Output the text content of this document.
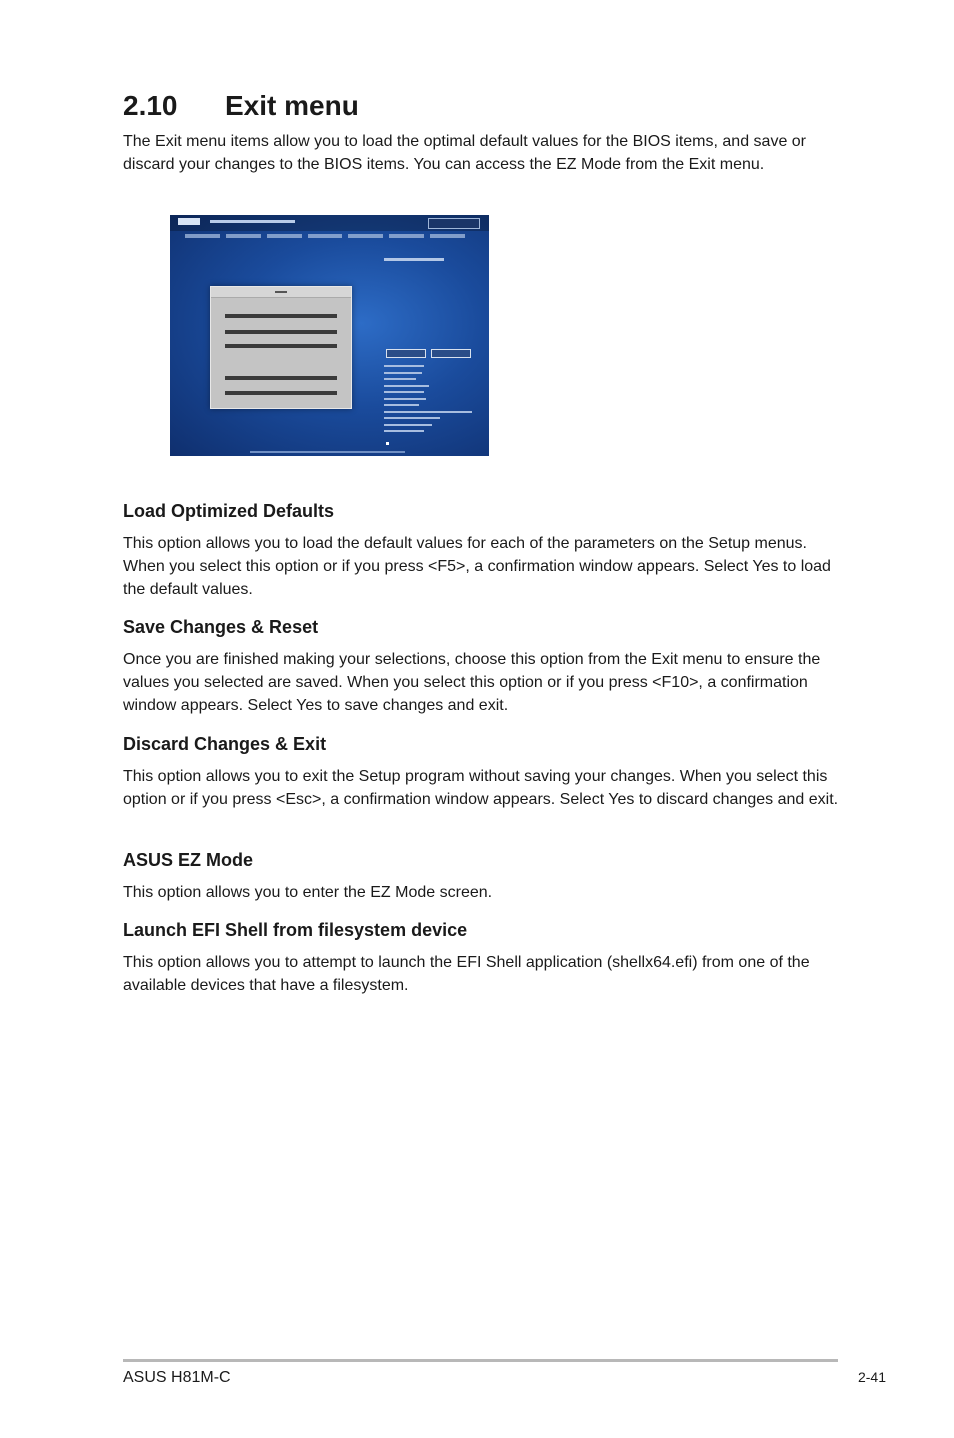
2.10 Exit menu

The Exit menu items allow you to load the optimal default values for the BIOS items, and save or discard your changes to the BIOS items. You can access the EZ Mode from the Exit menu.

Load Optimized Defaults

This option allows you to load the default values for each of the parameters on the Setup menus. When you select this option or if you press <F5>, a confirmation window appears. Select Yes to load the default values.

Save Changes & Reset

Once you are finished making your selections, choose this option from the Exit menu to ensure the values you selected are saved. When you select this option or if you press <F10>, a confirmation window appears. Select Yes to save changes and exit.

Discard Changes & Exit

This option allows you to exit the Setup program without saving your changes. When you select this option or if you press <Esc>, a confirmation window appears. Select Yes to discard changes and exit.

ASUS EZ Mode

This option allows you to enter the EZ Mode screen.

Launch EFI Shell from filesystem device

This option allows you to attempt to launch the EFI Shell application (shellx64.efi) from one of the available devices that have a filesystem.

ASUS H81M-C	2-41
